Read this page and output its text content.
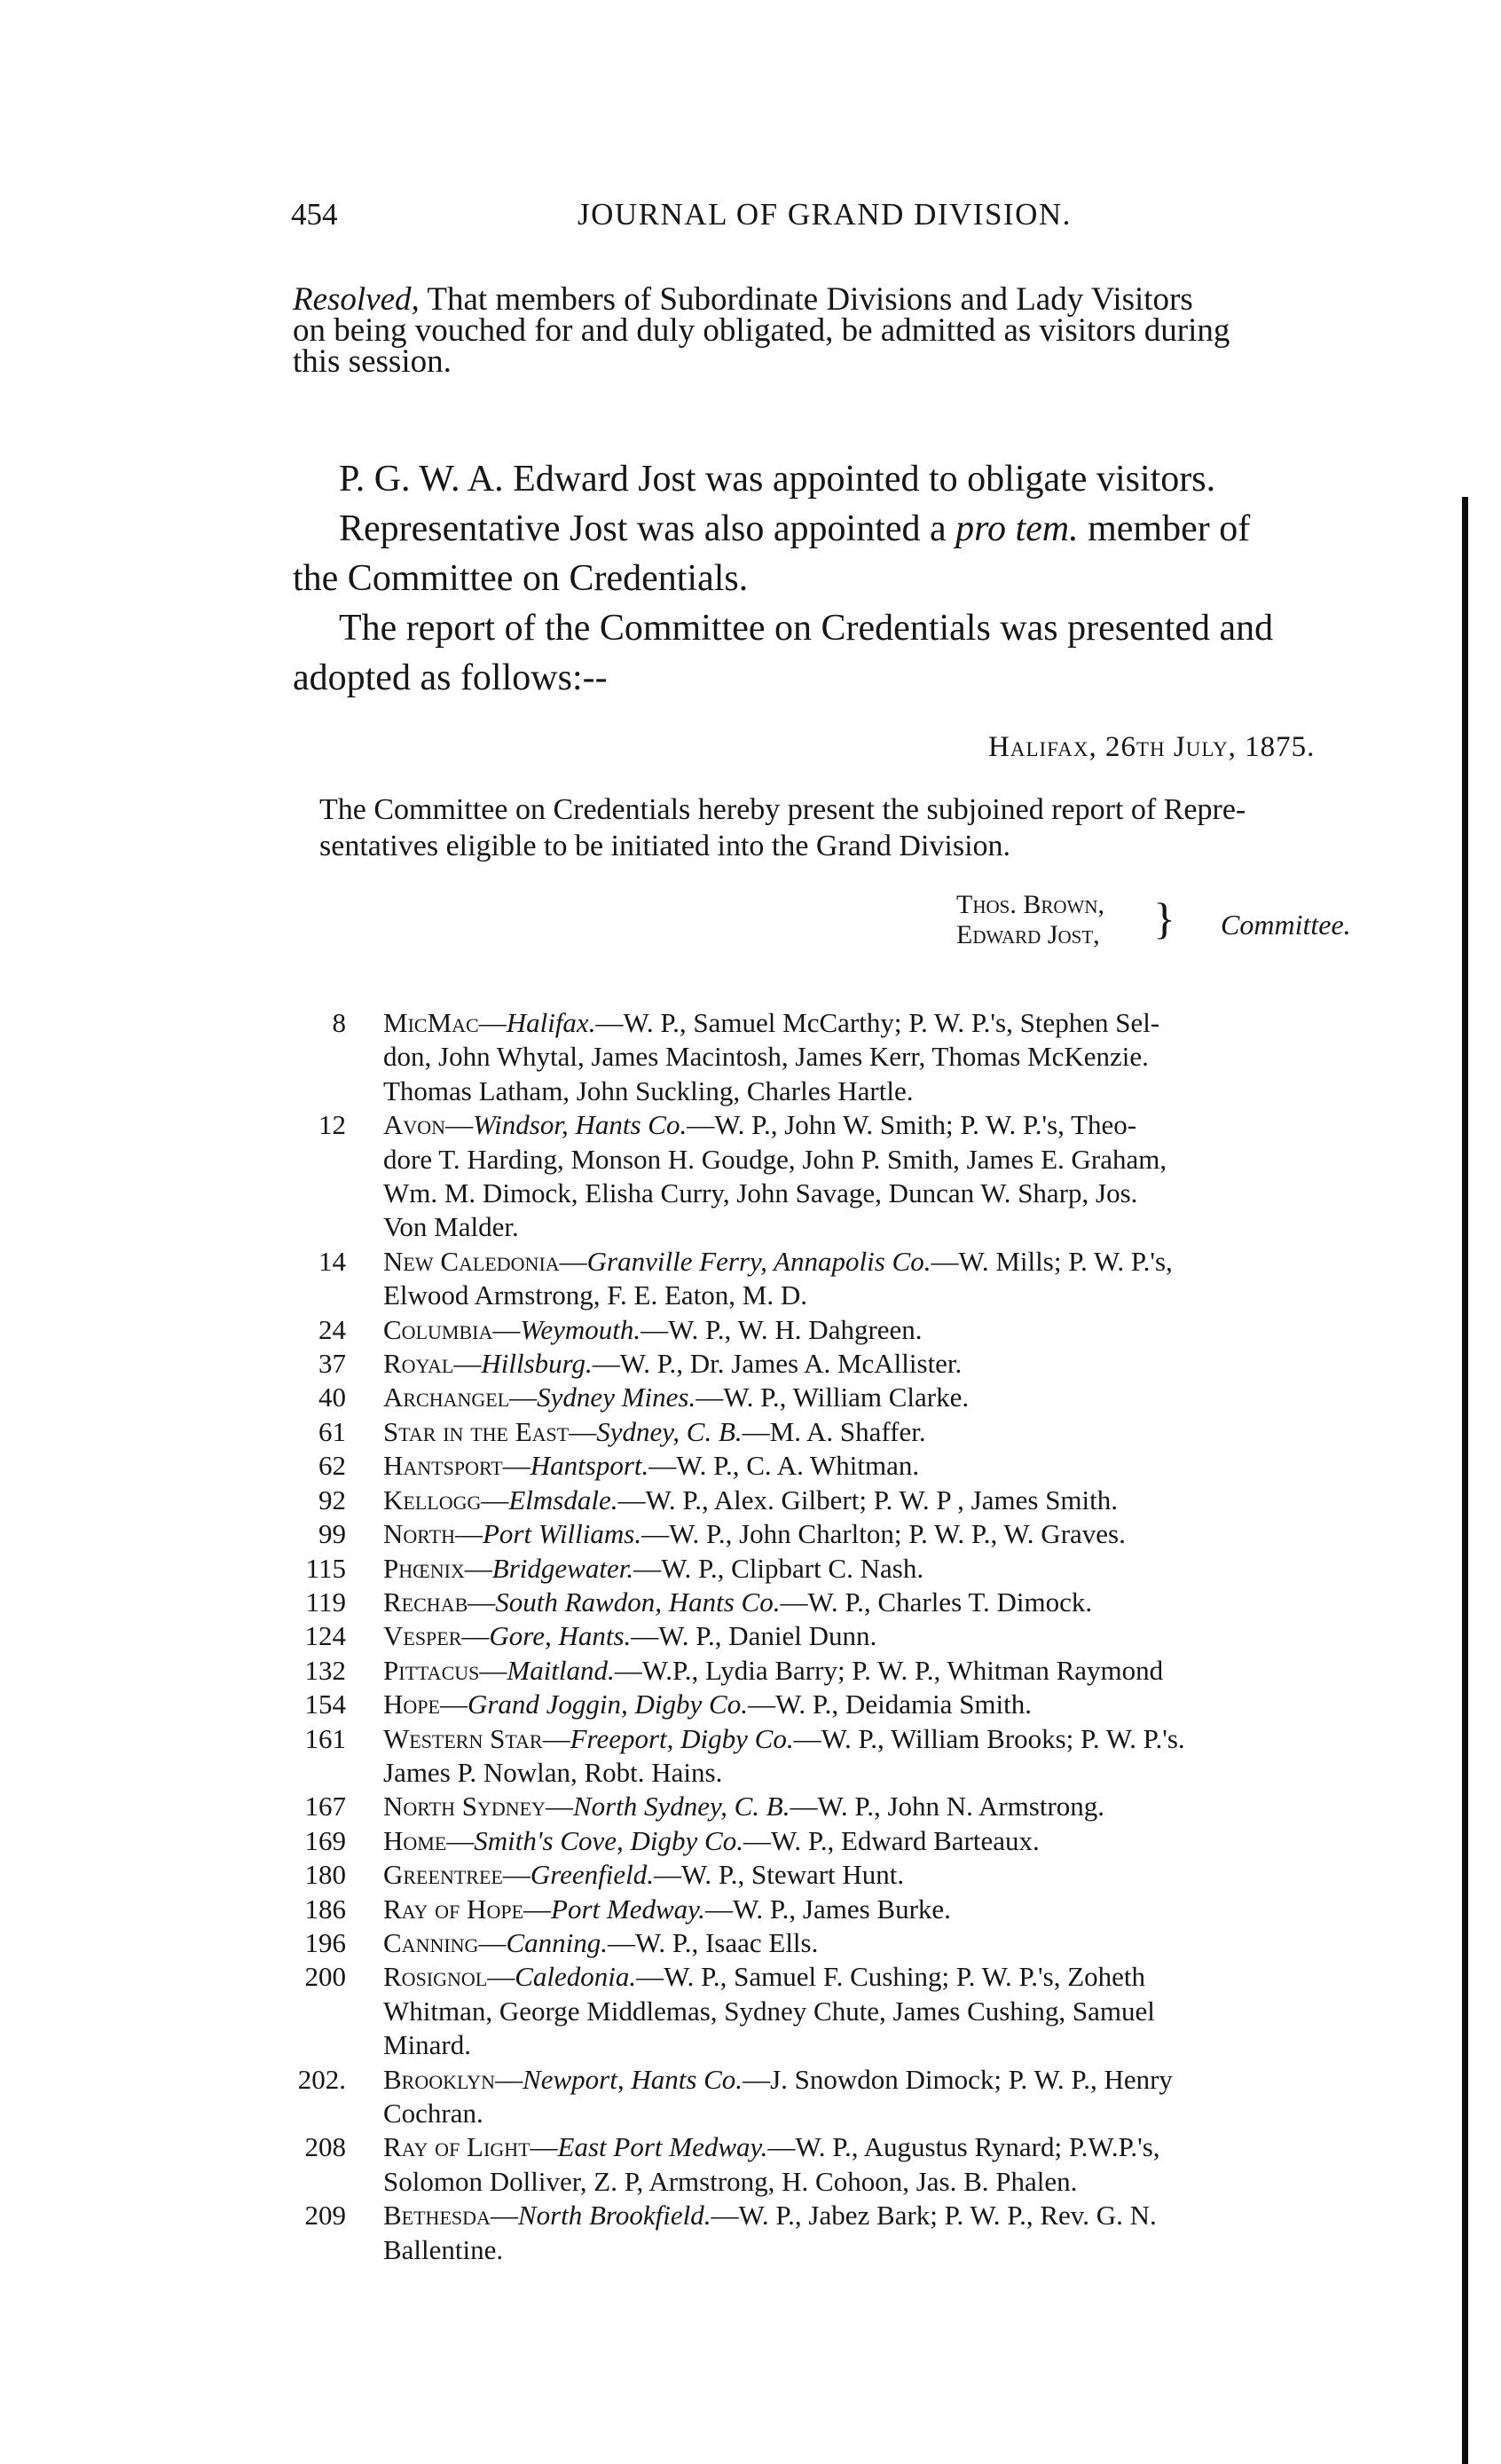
454	JOURNAL OF GRAND DIVISION.

Resolved, That members of Subordinate Divisions and Lady Visitors

on being vouched for and duly obligated, be admitted as visitors during

this session.

P. G. W. A. Edward Jost was appointed to obligate visitors.
Representative Jost was also appointed a pro tem. member of
the Committee on Credentials.
The report of the Committee on Credentials was presented and
adopted as follows:--
Halifax, 26th July, 1875.
The Committee on Credentials hereby present the subjoined report of Repre-
sentatives eligible to be initiated into the Grand Division.
Thos. Brown,
Edward Jost, } Committee.
8 MicMac—Halifax.—W. P., Samuel McCarthy; P. W. P.'s, Stephen Sel-
don, John Whytal, James Macintosh, James Kerr, Thomas McKenzie.
Thomas Latham, John Suckling, Charles Hartle.
12 Avon—Windsor, Hants Co.—W. P., John W. Smith; P. W. P.'s, Theo-
dore T. Harding, Monson H. Goudge, John P. Smith, James E. Graham,
Wm. M. Dimock, Elisha Curry, John Savage, Duncan W. Sharp, Jos.
Von Malder.
14 New Caledonia—Granville Ferry, Annapolis Co.—W. Mills; P. W. P.'s,
Elwood Armstrong, F. E. Eaton, M. D.
24 Columbia—Weymouth.—W. P., W. H. Dahgreen.
37 Royal—Hillsburg.—W. P., Dr. James A. McAllister.
40 Archangel—Sydney Mines.—W. P., William Clarke.
61 Star in the East—Sydney, C. B.—M. A. Shaffer.
62 Hantsport—Hantsport.—W. P., C. A. Whitman.
92 Kellogg—Elmsdale.—W. P., Alex. Gilbert; P. W. P , James Smith.
99 North—Port Williams.—W. P., John Charlton; P. W. P., W. Graves.
115 Phœnix—Bridgewater.—W. P., Clipbart C. Nash.
119 Rechab—South Rawdon, Hants Co.—W. P., Charles T. Dimock.
124 Vesper—Gore, Hants.—W. P., Daniel Dunn.
132 Pittacus—Maitland.—W.P., Lydia Barry; P. W. P., Whitman Raymond
154 Hope—Grand Joggin, Digby Co.—W. P., Deidamia Smith.
161 Western Star—Freeport, Digby Co.—W. P., William Brooks; P. W. P.'s.
James P. Nowlan, Robt. Hains.
167 North Sydney—North Sydney, C. B.—W. P., John N. Armstrong.
169 Home—Smith's Cove, Digby Co.—W. P., Edward Barteaux.
180 Greentree—Greenfield.—W. P., Stewart Hunt.
186 Ray of Hope—Port Medway.—W. P., James Burke.
196 Canning—Canning.—W. P., Isaac Ells.
200 Rosignol—Caledonia.—W. P., Samuel F. Cushing; P. W. P.'s, Zoheth
Whitman, George Middlemas, Sydney Chute, James Cushing, Samuel
Minard.
202. Brooklyn—Newport, Hants Co.—J. Snowdon Dimock; P. W. P., Henry
Cochran.
208 Ray of Light—East Port Medway.—W. P., Augustus Rynard; P.W.P.'s,
Solomon Dolliver, Z. P, Armstrong, H. Cohoon, Jas. B. Phalen.
209 Bethesda—North Brookfield.—W. P., Jabez Bark; P. W. P., Rev. G. N.
Ballentine.
